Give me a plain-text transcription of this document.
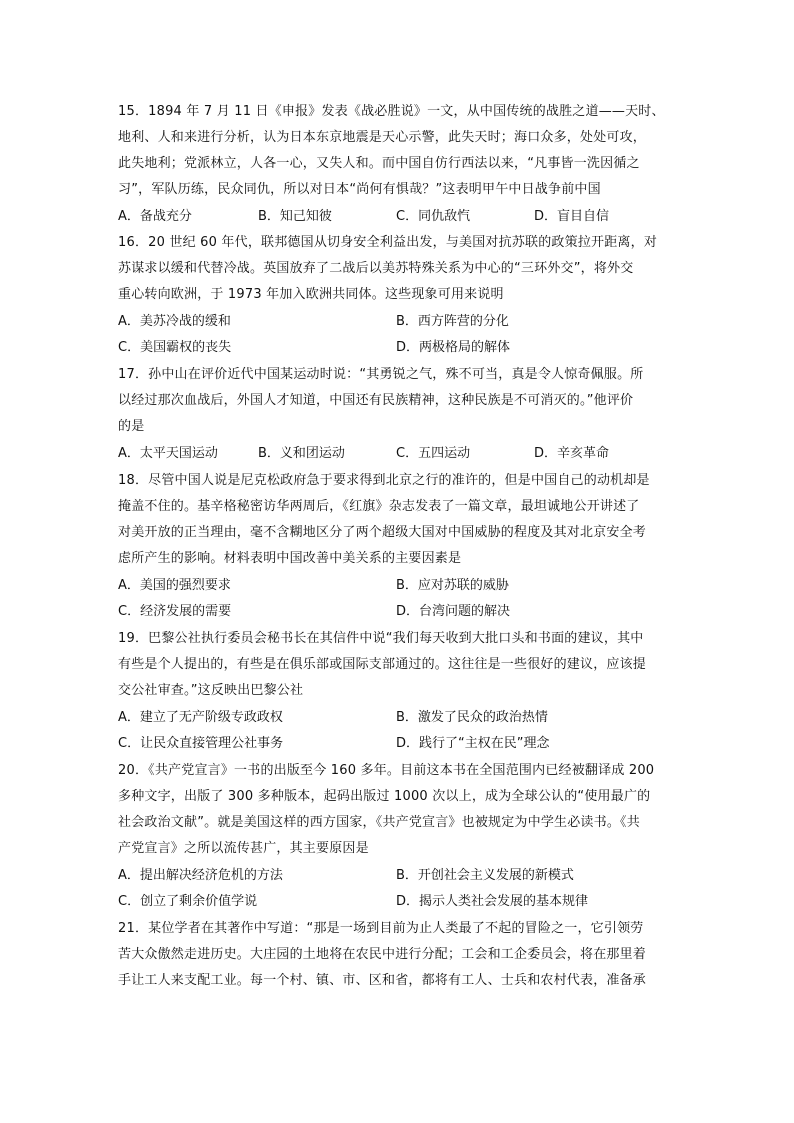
15．1894 年 7 月 11 日《申报》发表《战必胜说》一文，从中国传统的战胜之道——天时、
地利、人和来进行分析，认为日本东京地震是天心示警，此失天时；海口众多，处处可攻，
此失地利；党派林立，人各一心，又失人和。而中国自仿行西法以来，“凡事皆一洗因循之
习”，军队历练，民众同仇，所以对日本“尚何有惧哉？”这表明甲午中日战争前中国
A．备战充分	B．知己知彼	C．同仇敌忾	D．盲目自信
16．20 世纪 60 年代，联邦德国从切身安全利益出发，与美国对抗苏联的政策拉开距离，对
苏谋求以缓和代替冷战。英国放弃了二战后以美苏特殊关系为中心的“三环外交”，将外交
重心转向欧洲，于 1973 年加入欧洲共同体。这些现象可用来说明
A．美苏冷战的缓和	B．西方阵营的分化
C．美国霸权的丧失	D．两极格局的解体
17．孙中山在评价近代中国某运动时说：“其勇锐之气，殊不可当，真是令人惊奇佩服。所
以经过那次血战后，外国人才知道，中国还有民族精神，这种民族是不可消灭的。”他评价
的是
A．太平天国运动	B．义和团运动	C．五四运动	D．辛亥革命
18．尽管中国人说是尼克松政府急于要求得到北京之行的准许的，但是中国自己的动机却是
掩盖不住的。基辛格秘密访华两周后，《红旗》杂志发表了一篇文章，最坦诚地公开讲述了
对美开放的正当理由，毫不含糊地区分了两个超级大国对中国威胁的程度及其对北京安全考
虑所产生的影响。材料表明中国改善中美关系的主要因素是
A．美国的强烈要求	B．应对苏联的威胁
C．经济发展的需要	D．台湾问题的解决
19．巴黎公社执行委员会秘书长在其信件中说“我们每天收到大批口头和书面的建议，其中
有些是个人提出的，有些是在俱乐部或国际支部通过的。这往往是一些很好的建议，应该提
交公社审查。”这反映出巴黎公社
A．建立了无产阶级专政政权	B．激发了民众的政治热情
C．让民众直接管理公社事务	D．践行了“主权在民”理念
20．《共产党宣言》一书的出版至今 160 多年。目前这本书在全国范围内已经被翻译成 200
多种文字，出版了 300 多种版本，起码出版过 1000 次以上，成为全球公认的“使用最广的
社会政治文献”。就是美国这样的西方国家，《共产党宣言》也被规定为中学生必读书。《共
产党宣言》之所以流传甚广，其主要原因是
A．提出解决经济危机的方法	B．开创社会主义发展的新模式
C．创立了剩余价值学说	D．揭示人类社会发展的基本规律
21．某位学者在其著作中写道：“那是一场到目前为止人类最了不起的冒险之一，它引领劳
苦大众傲然走进历史。大庄园的土地将在农民中进行分配；工会和工企委员会，将在那里着
手让工人来支配工业。每一个村、镇、市、区和省，都将有工人、士兵和农村代表，准备承
